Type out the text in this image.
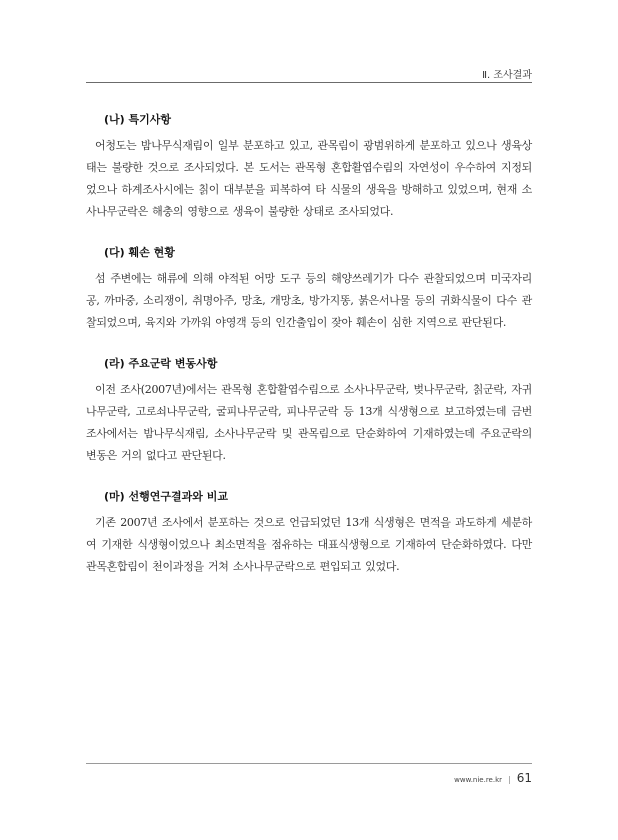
Ⅱ. 조사결과
(나) 특기사항

어청도는 밤나무식재림이 일부 분포하고 있고, 관목림이 광범위하게 분포하고 있으나 생육상태는 불량한 것으로 조사되었다. 본 도서는 관목형 혼합활엽수림의 자연성이 우수하여 지정되었으나 하계조사시에는 칡이 대부분을 피복하여 타 식물의 생육을 방해하고 있었으며, 현재 소사나무군락은 해충의 영향으로 생육이 불량한 상태로 조사되었다.

(다) 훼손 현황

섬 주변에는 해류에 의해 야적된 어망 도구 등의 해양쓰레기가 다수 관찰되었으며 미국자리공, 까마중, 소리쟁이, 취명아주, 망초, 개망초, 방가지똥, 붉은서나물 등의 귀화식물이 다수 관찰되었으며, 육지와 가까워 야영객 등의 인간출입이 잦아 훼손이 심한 지역으로 판단된다.

(라) 주요군락 변동사항

이전 조사(2007년)에서는 관목형 혼합활엽수림으로 소사나무군락, 벚나무군락, 칡군락, 자귀나무군락, 고로쇠나무군락, 굴피나무군락, 피나무군락 등 13개 식생형으로 보고하였는데 금번 조사에서는 밤나무식재림, 소사나무군락 및 관목림으로 단순화하여 기재하였는데 주요군락의 변동은 거의 없다고 판단된다.

(마) 선행연구결과와 비교

기존 2007년 조사에서 분포하는 것으로 언급되었던 13개 식생형은 면적을 과도하게 세분하여 기재한 식생형이었으나 최소면적을 점유하는 대표식생형으로 기재하여 단순화하였다. 다만 관목혼합림이 천이과정을 거쳐 소사나무군락으로 편입되고 있었다.

www.nie.re.kr | 61
